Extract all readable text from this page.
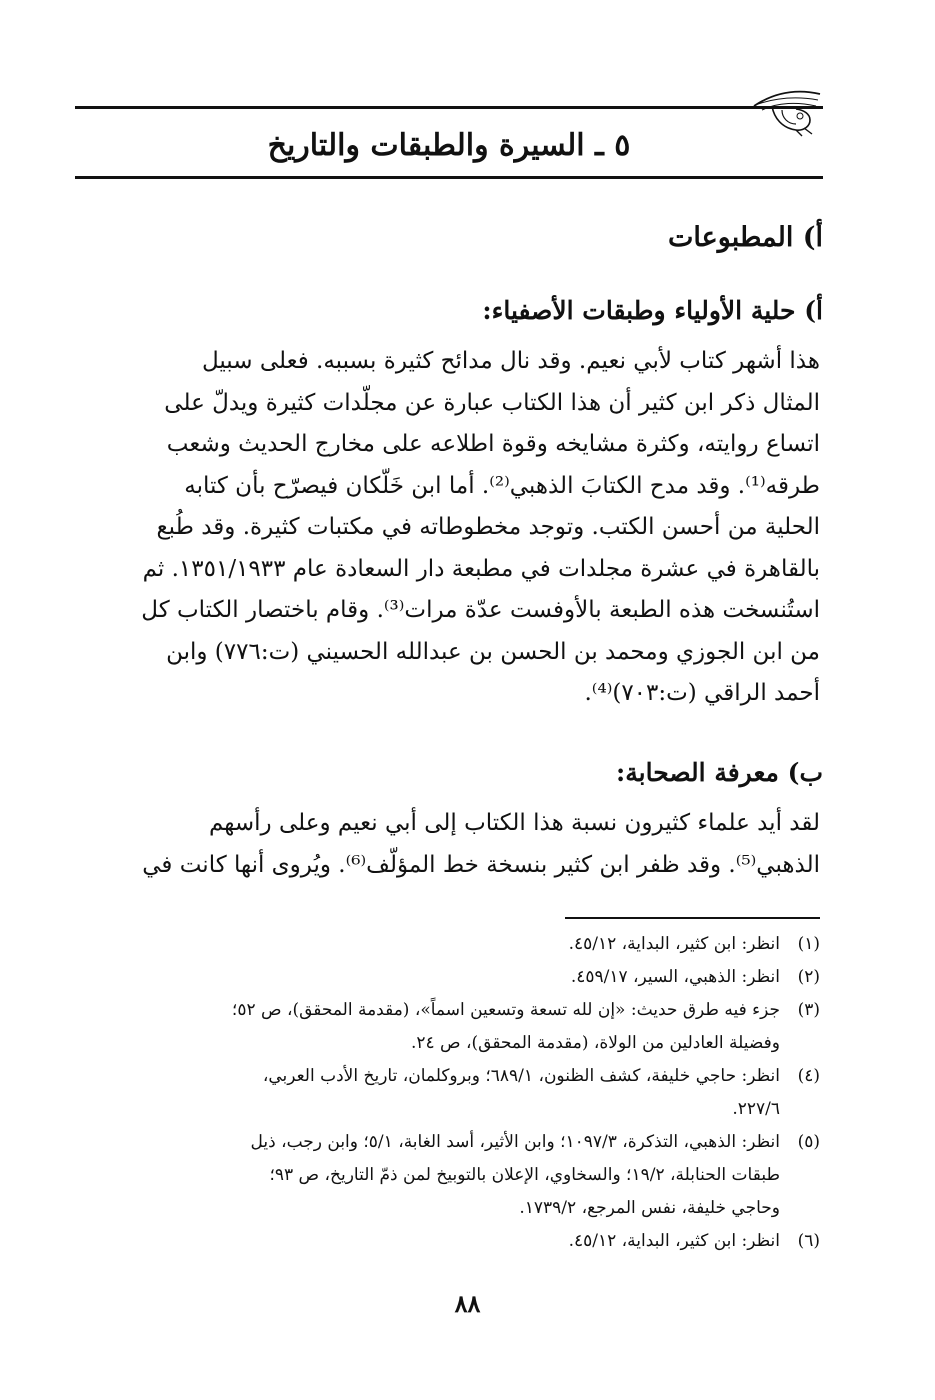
٥ ـ السيرة والطبقات والتاريخ
أ) المطبوعات
أ) حلية الأولياء وطبقات الأصفياء:
هذا أشهر كتاب لأبي نعيم. وقد نال مدائح كثيرة بسببه. فعلى سبيل
المثال ذكر ابن كثير أن هذا الكتاب عبارة عن مجلّدات كثيرة ويدلّ على
اتساع روايته، وكثرة مشايخه وقوة اطلاعه على مخارج الحديث وشعب
طرقه⁽¹⁾. وقد مدح الكتابَ الذهبي⁽²⁾. أما ابن خَلّكان فيصرّح بأن كتابه
الحلية من أحسن الكتب. وتوجد مخطوطاته في مكتبات كثيرة. وقد طُبع
بالقاهرة في عشرة مجلدات في مطبعة دار السعادة عام ١٣٥١/١٩٣٣. ثم
استُنسخت هذه الطبعة بالأوفست عدّة مرات⁽³⁾. وقام باختصار الكتاب كل
من ابن الجوزي ومحمد بن الحسن بن عبدالله الحسيني (ت:٧٧٦) وابن
أحمد الراقي (ت:٧٠٣)⁽⁴⁾.
ب) معرفة الصحابة:
لقد أيد علماء كثيرون نسبة هذا الكتاب إلى أبي نعيم وعلى رأسهم
الذهبي⁽⁵⁾. وقد ظفر ابن كثير بنسخة خط المؤلّف⁽⁶⁾. ويُروى أنها كانت في
(١)
انظر: ابن كثير، البداية، ٤٥/١٢.
(٢)
انظر: الذهبي، السير، ٤٥٩/١٧.
(٣)
جزء فيه طرق حديث: «إن لله تسعة وتسعين اسماً»، (مقدمة المحقق)، ص ٥٢؛
وفضيلة العادلين من الولاة، (مقدمة المحقق)، ص ٢٤.
(٤)
انظر: حاجي خليفة، كشف الظنون، ٦٨٩/١؛ وبروكلمان، تاريخ الأدب العربي،
٢٢٧/٦.
(٥)
انظر: الذهبي، التذكرة، ١٠٩٧/٣؛ وابن الأثير، أسد الغابة، ٥/١؛ وابن رجب، ذيل
طبقات الحنابلة، ١٩/٢؛ والسخاوي، الإعلان بالتوبيخ لمن ذمّ التاريخ، ص ٩٣؛
وحاجي خليفة، نفس المرجع، ١٧٣٩/٢.
(٦)
انظر: ابن كثير، البداية، ٤٥/١٢.
٨٨
